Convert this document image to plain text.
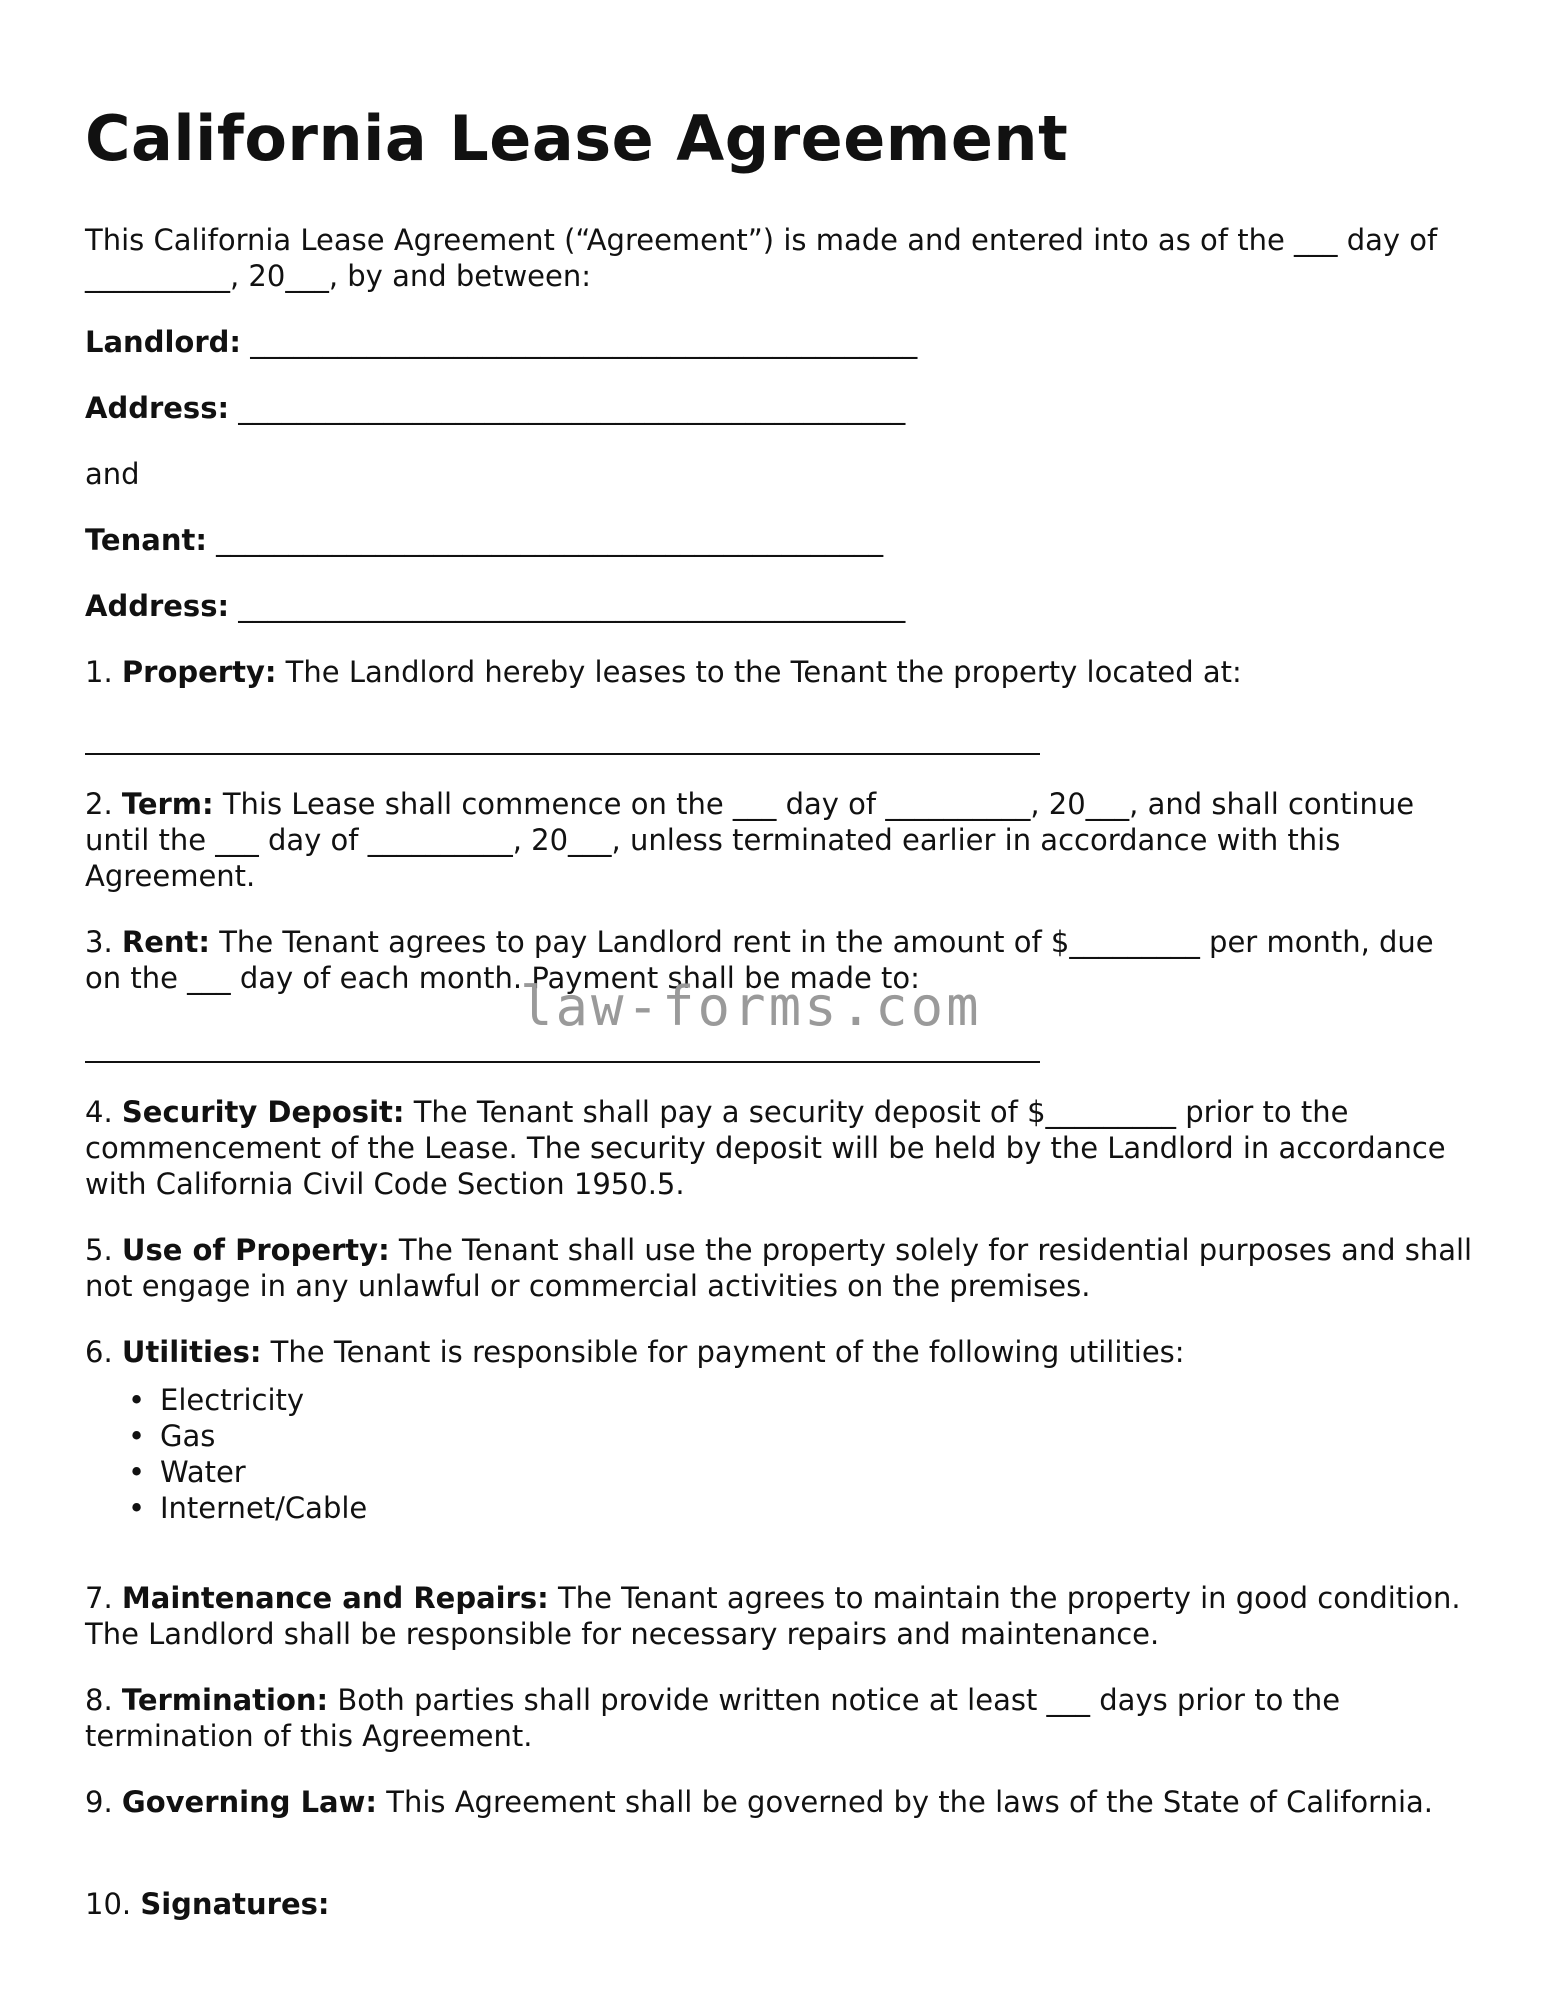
California Lease Agreement

This California Lease Agreement (“Agreement”) is made and entered into as of the ___ day of __________, 20___, by and between:

Landlord: ______________________________________________

Address: ______________________________________________

and

Tenant: ______________________________________________

Address: ______________________________________________

1. Property: The Landlord hereby leases to the Tenant the property located at:

2. Term: This Lease shall commence on the ___ day of __________, 20___, and shall continue until the ___ day of __________, 20___, unless terminated earlier in accordance with this Agreement.

3. Rent: The Tenant agrees to pay Landlord rent in the amount of $_________ per month, due on the ___ day of each month. Payment shall be made to:

4. Security Deposit: The Tenant shall pay a security deposit of $_________ prior to the commencement of the Lease. The security deposit will be held by the Landlord in accordance with California Civil Code Section 1950.5.

5. Use of Property: The Tenant shall use the property solely for residential purposes and shall not engage in any unlawful or commercial activities on the premises.

6. Utilities: The Tenant is responsible for payment of the following utilities:

• Electricity
• Gas
• Water
• Internet/Cable

7. Maintenance and Repairs: The Tenant agrees to maintain the property in good condition. The Landlord shall be responsible for necessary repairs and maintenance.

8. Termination: Both parties shall provide written notice at least ___ days prior to the termination of this Agreement.

9. Governing Law: This Agreement shall be governed by the laws of the State of California.

10. Signatures:

law-forms.com
